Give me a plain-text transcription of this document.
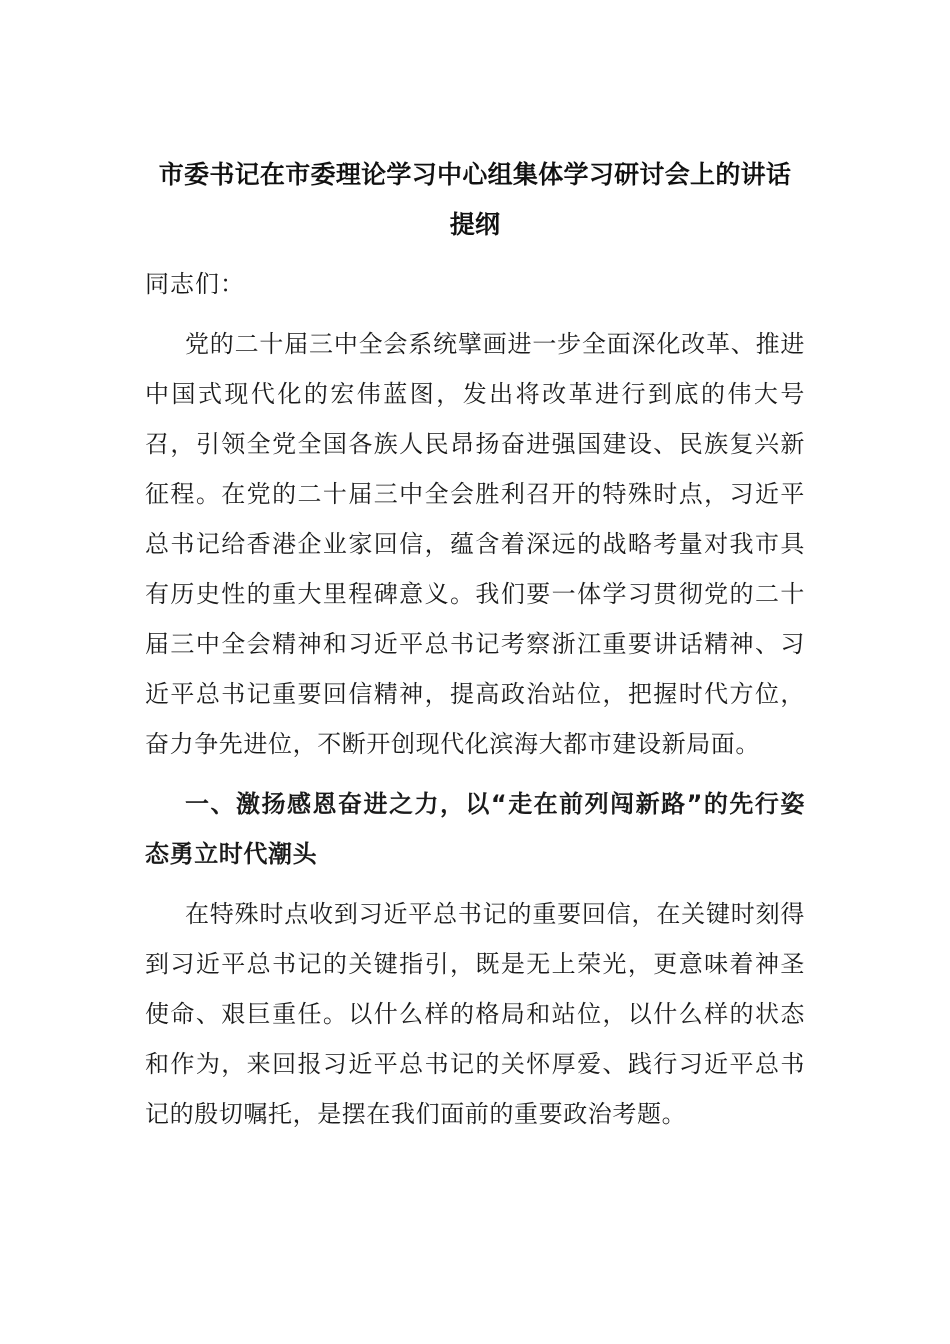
市委书记在市委理论学习中心组集体学习研讨会上的讲话
提纲

同志们：

党的二十届三中全会系统擘画进一步全面深化改革、推进中国式现代化的宏伟蓝图，发出将改革进行到底的伟大号召，引领全党全国各族人民昂扬奋进强国建设、民族复兴新征程。在党的二十届三中全会胜利召开的特殊时点，习近平总书记给香港企业家回信，蕴含着深远的战略考量对我市具有历史性的重大里程碑意义。我们要一体学习贯彻党的二十届三中全会精神和习近平总书记考察浙江重要讲话精神、习近平总书记重要回信精神，提高政治站位，把握时代方位，奋力争先进位，不断开创现代化滨海大都市建设新局面。

一、激扬感恩奋进之力，以“走在前列闯新路”的先行姿态勇立时代潮头

在特殊时点收到习近平总书记的重要回信，在关键时刻得到习近平总书记的关键指引，既是无上荣光，更意味着神圣使命、艰巨重任。以什么样的格局和站位，以什么样的状态和作为，来回报习近平总书记的关怀厚爱、践行习近平总书记的殷切嘱托，是摆在我们面前的重要政治考题。
